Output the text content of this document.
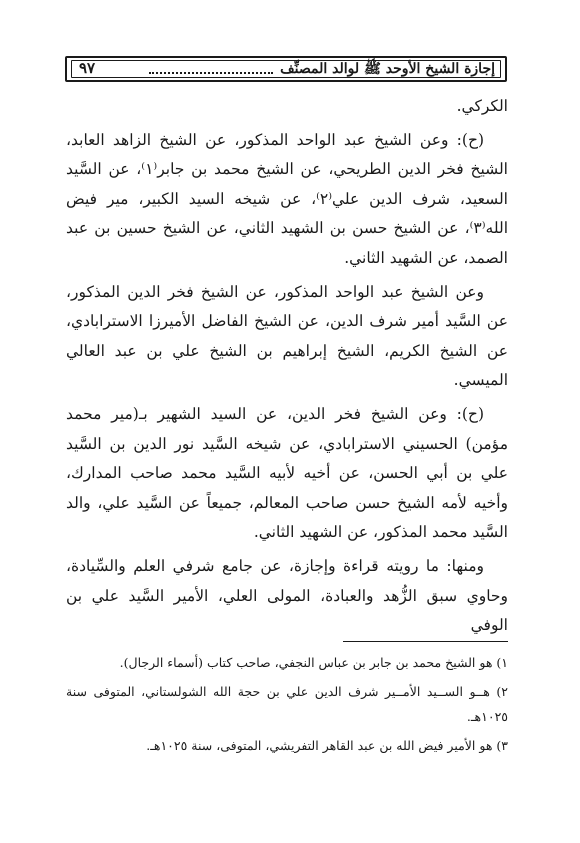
إجازة الشيخ الأوحد ﷺ لوالد المصنِّف
٩٧

الكركي.

(ح): وعن الشيخ عبد الواحد المذكور، عن الشيخ الزاهد العابد، الشيخ فخر الدين الطريحي، عن الشيخ محمد بن جابر⁽١⁾، عن السَّيد السعيد، شرف الدين علي⁽٢⁾، عن شيخه السيد الكبير، مير فيض الله⁽٣⁾، عن الشيخ حسن بن الشهيد الثاني، عن الشيخ حسين بن عبد الصمد، عن الشهيد الثاني.

وعن الشيخ عبد الواحد المذكور، عن الشيخ فخر الدين المذكور، عن السَّيد أمير شرف الدين، عن الشيخ الفاضل الأميرزا الاسترابادي، عن الشيخ الكريم، الشيخ إبراهيم بن الشيخ علي بن عبد العالي الميسي.

(ح): وعن الشيخ فخر الدين، عن السيد الشهير بـ(مير محمد مؤمن) الحسيني الاسترابادي، عن شيخه السَّيد نور الدين بن السَّيد علي بن أبي الحسن، عن أخيه لأبيه السَّيد محمد صاحب المدارك، وأخيه لأمه الشيخ حسن صاحب المعالم، جميعاً عن السَّيد علي، والد السَّيد محمد المذكور، عن الشهيد الثاني.

ومنها: ما رويته قراءة وإجازة، عن جامع شرفي العلم والسِّيادة، وحاوي سبق الزُّهد والعبادة، المولى العلي، الأمير السَّيد علي بن الوفي

١) هو الشيخ محمد بن جابر بن عباس النجفي، صاحب كتاب (أسماء الرجال).

٢) هــو الســيد الأمــير شرف الدين علي بن حجة الله الشولستاني، المتوفى سنة ١٠٢٥هـ.

٣) هو الأمير فيض الله بن عبد القاهر التفريشي، المتوفى، سنة ١٠٢٥هـ.
